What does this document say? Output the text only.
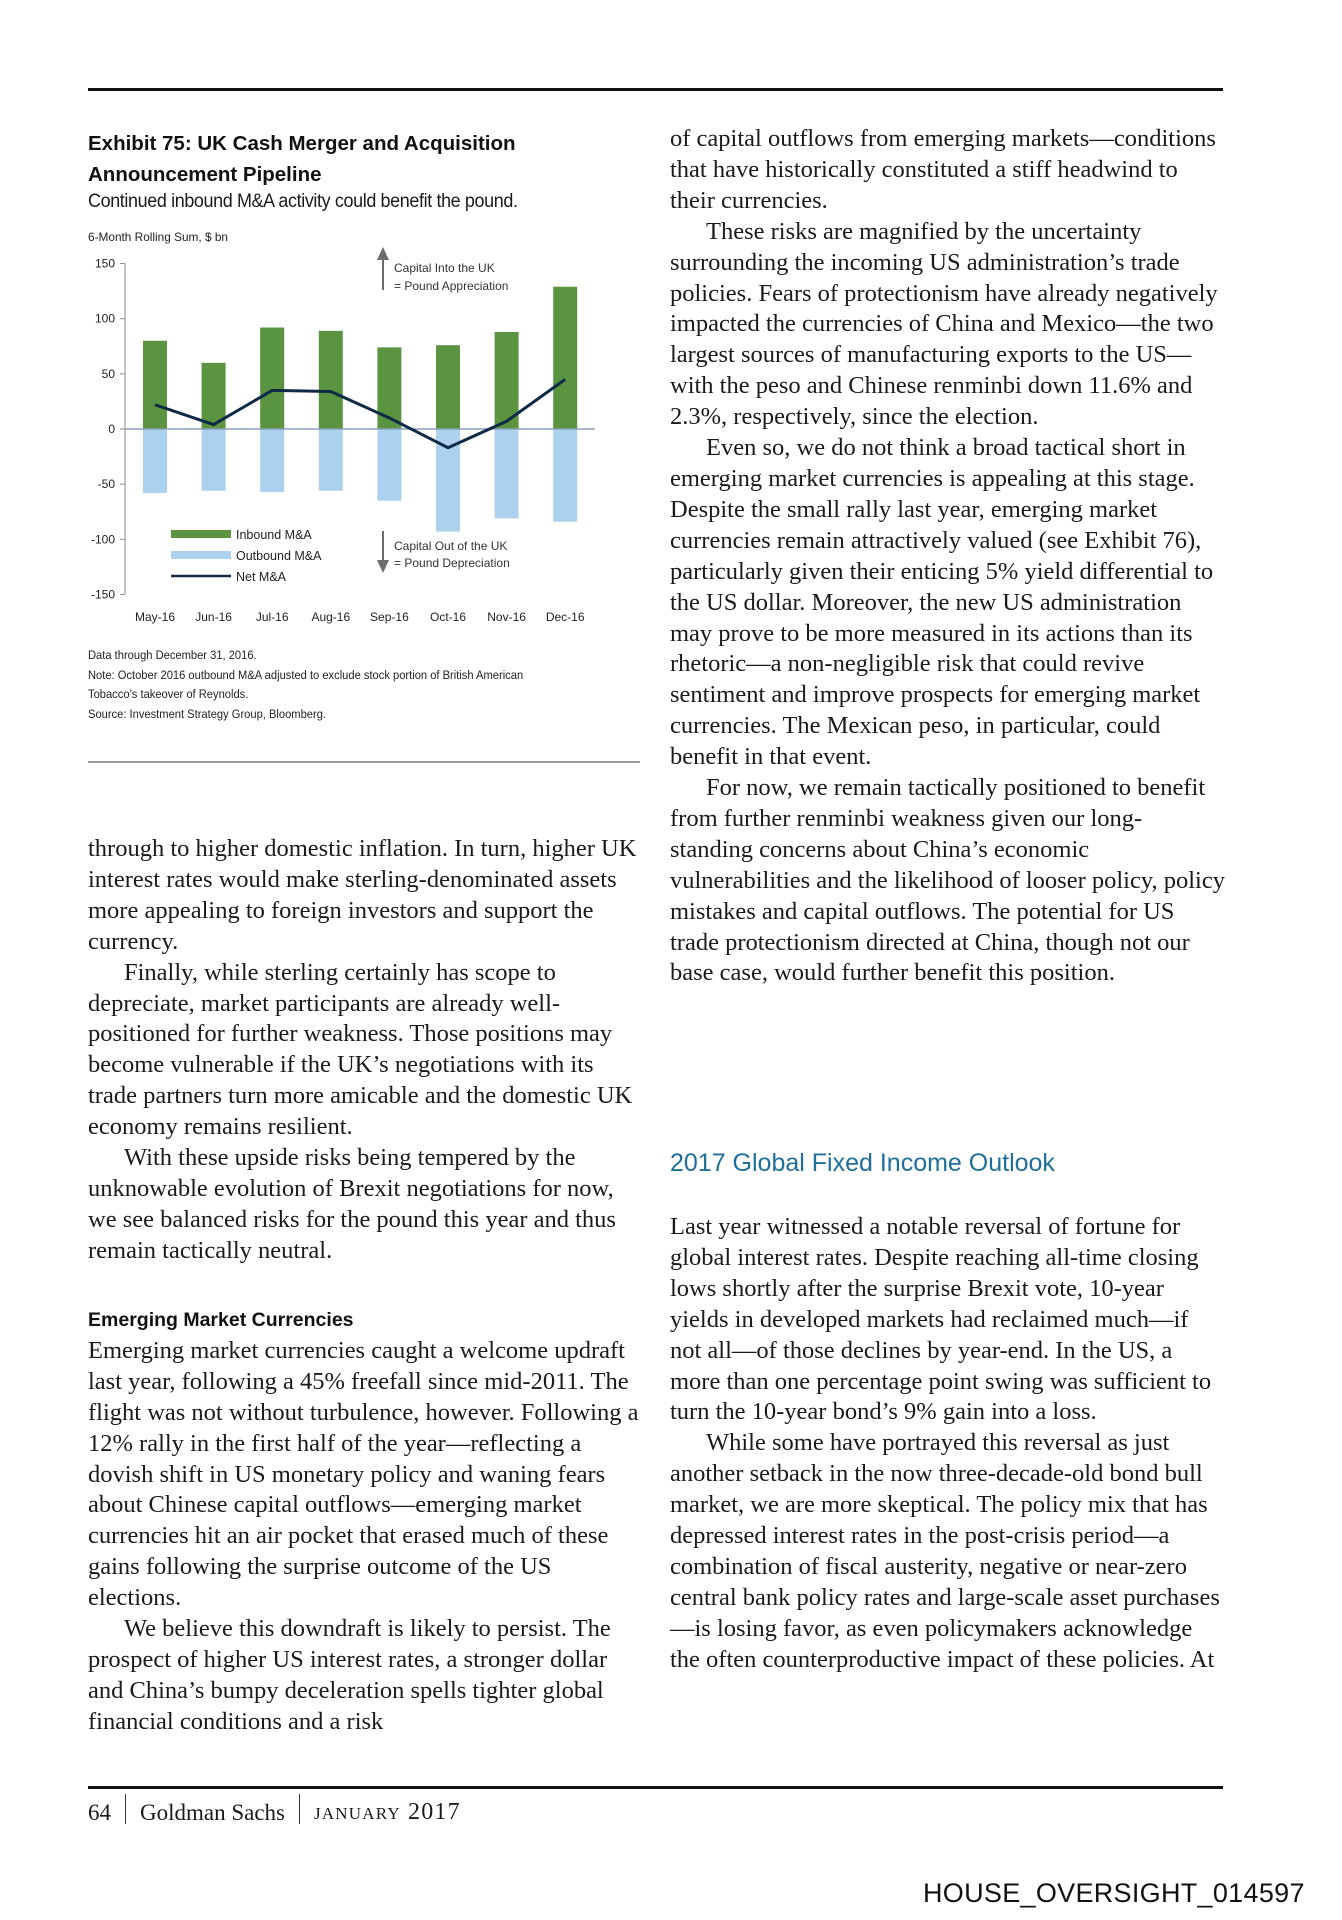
Exhibit 75: UK Cash Merger and Acquisition
Announcement Pipeline
Continued inbound M&A activity could benefit the pound.
6-Month Rolling Sum, $ bn
150
100
50
0
-50
-100
-150
May-16 Jun-16 Jul-16 Aug-16 Sep-16 Oct-16 Nov-16 Dec-16
Inbound M&A
Outbound M&A
Net M&A
Capital Into the UK
= Pound Appreciation
Capital Out of the UK
= Pound Depreciation
Data through December 31, 2016.
Note: October 2016 outbound M&A adjusted to exclude stock portion of British American
Tobacco’s takeover of Reynolds.
Source: Investment Strategy Group, Bloomberg.

through to higher domestic inflation. In turn, higher UK interest rates would make sterling-denominated assets more appealing to foreign investors and support the currency.

Finally, while sterling certainly has scope to depreciate, market participants are already well-positioned for further weakness. Those positions may become vulnerable if the UK’s negotiations with its trade partners turn more amicable and the domestic UK economy remains resilient.

With these upside risks being tempered by the unknowable evolution of Brexit negotiations for now, we see balanced risks for the pound this year and thus remain tactically neutral.

Emerging Market Currencies

Emerging market currencies caught a welcome updraft last year, following a 45% freefall since mid-2011. The flight was not without turbulence, however. Following a 12% rally in the first half of the year—reflecting a dovish shift in US monetary policy and waning fears about Chinese capital outflows—emerging market currencies hit an air pocket that erased much of these gains following the surprise outcome of the US elections.

We believe this downdraft is likely to persist. The prospect of higher US interest rates, a stronger dollar and China’s bumpy deceleration spells tighter global financial conditions and a risk

of capital outflows from emerging markets—conditions that have historically constituted a stiff headwind to their currencies.

These risks are magnified by the uncertainty surrounding the incoming US administration’s trade policies. Fears of protectionism have already negatively impacted the currencies of China and Mexico—the two largest sources of manufacturing exports to the US—with the peso and Chinese renminbi down 11.6% and 2.3%, respectively, since the election.

Even so, we do not think a broad tactical short in emerging market currencies is appealing at this stage. Despite the small rally last year, emerging market currencies remain attractively valued (see Exhibit 76), particularly given their enticing 5% yield differential to the US dollar. Moreover, the new US administration may prove to be more measured in its actions than its rhetoric—a non-negligible risk that could revive sentiment and improve prospects for emerging market currencies. The Mexican peso, in particular, could benefit in that event.

For now, we remain tactically positioned to benefit from further renminbi weakness given our long-standing concerns about China’s economic vulnerabilities and the likelihood of looser policy, policy mistakes and capital outflows. The potential for US trade protectionism directed at China, though not our base case, would further benefit this position.

2017 Global Fixed Income Outlook

Last year witnessed a notable reversal of fortune for global interest rates. Despite reaching all-time closing lows shortly after the surprise Brexit vote, 10-year yields in developed markets had reclaimed much—if not all—of those declines by year-end. In the US, a more than one percentage point swing was sufficient to turn the 10-year bond’s 9% gain into a loss.

While some have portrayed this reversal as just another setback in the now three-decade-old bond bull market, we are more skeptical. The policy mix that has depressed interest rates in the post-crisis period—a combination of fiscal austerity, negative or near-zero central bank policy rates and large-scale asset purchases—is losing favor, as even policymakers acknowledge the often counterproductive impact of these policies. At

64 Goldman Sachs january 2017
HOUSE_OVERSIGHT_014597
